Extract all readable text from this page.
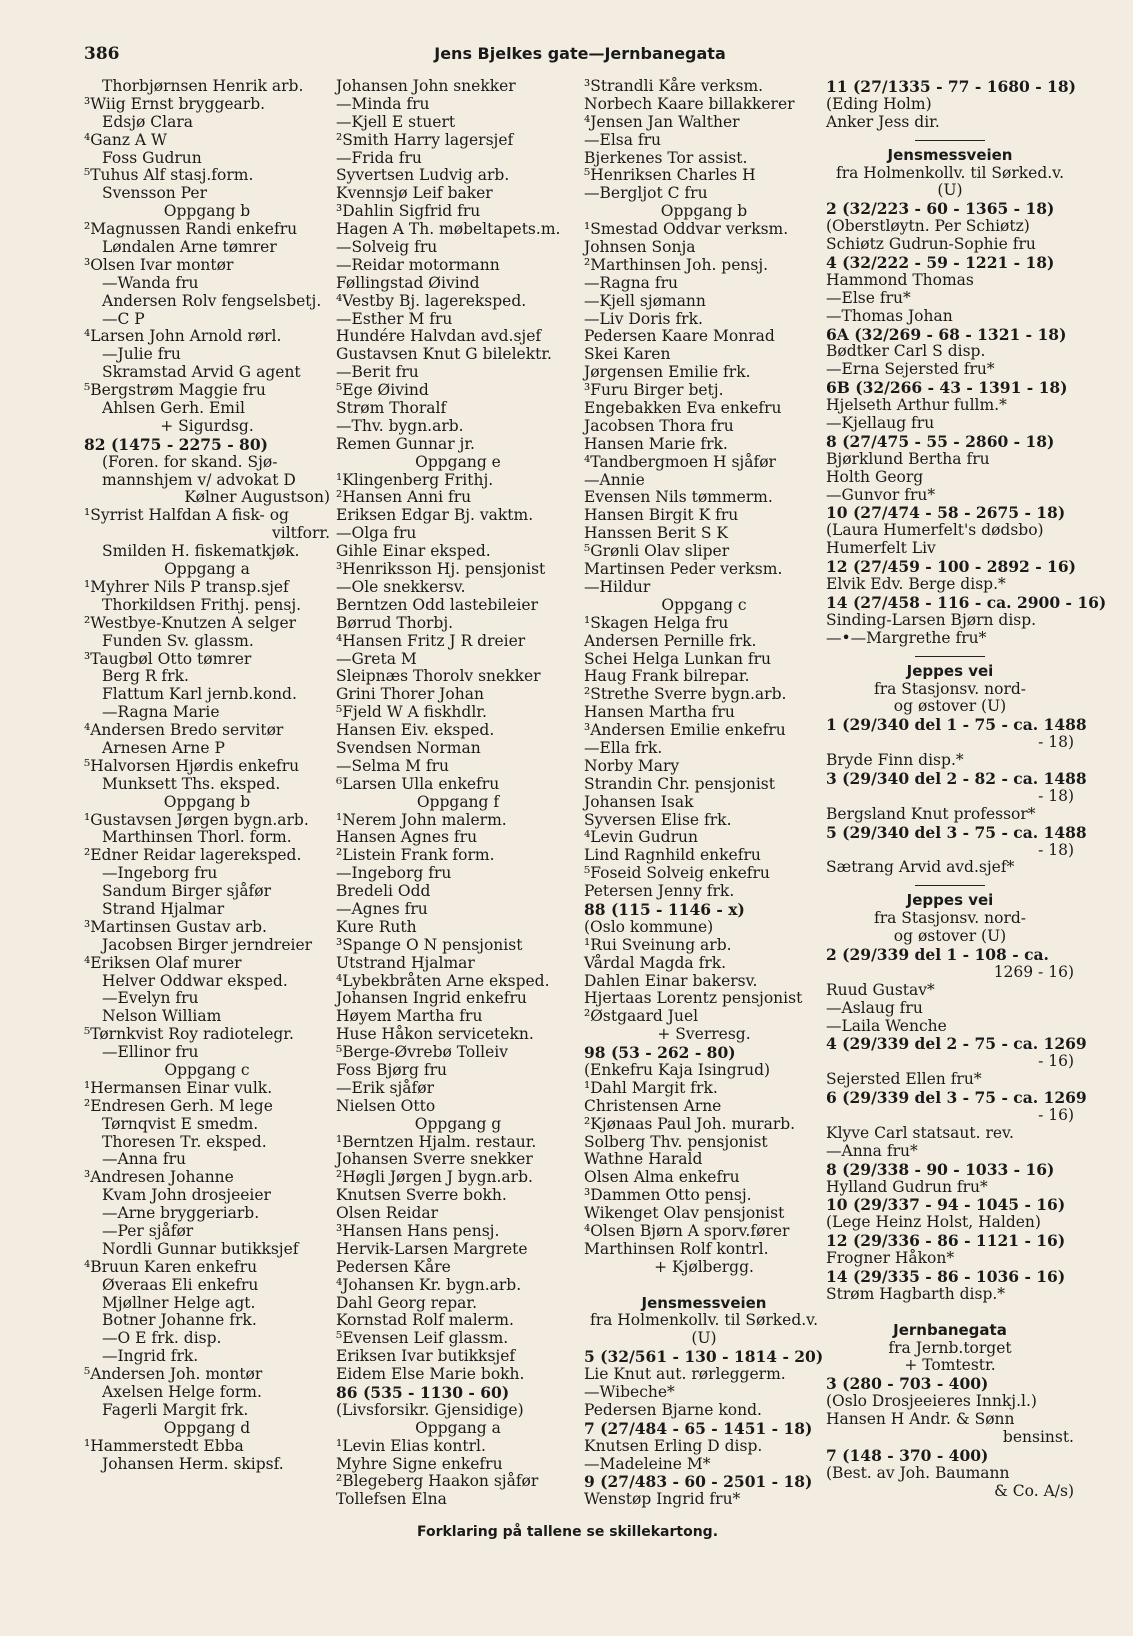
386	Jens Bjelkes gate—Jernbanegata
Thorbjørnsen Henrik arb.
³Wiig Ernst bryggearb.
Edsjø Clara
⁴Ganz A W
Foss Gudrun
⁵Tuhus Alf stasj.form.
Svensson Per
Oppgang b
²Magnussen Randi enkefru
Løndalen Arne tømrer
³Olsen Ivar montør
—Wanda fru
Andersen Rolv fengselsbetj.
—C P
⁴Larsen John Arnold rørl.
—Julie fru
Skramstad Arvid G agent
⁵Bergstrøm Maggie fru
Ahlsen Gerh. Emil
+ Sigurdsg.
82 (1475 - 2275 - 80)
(Foren. for skand. Sjø-
mannshjem v/ advokat D
Kølner Augustson)
¹Syrrist Halfdan A fisk- og
viltforr.
Smilden H. fiskematkjøk.
Oppgang a
¹Myhrer Nils P transp.sjef
Thorkildsen Frithj. pensj.
²Westbye-Knutzen A selger
Funden Sv. glassm.
³Taugbøl Otto tømrer
Berg R frk.
Flattum Karl jernb.kond.
—Ragna Marie
⁴Andersen Bredo servitør
Arnesen Arne P
⁵Halvorsen Hjørdis enkefru
Munksett Ths. eksped.
Oppgang b
¹Gustavsen Jørgen bygn.arb.
Marthinsen Thorl. form.
²Edner Reidar lagereksped.
—Ingeborg fru
Sandum Birger sjåfør
Strand Hjalmar
³Martinsen Gustav arb.
Jacobsen Birger jerndreier
⁴Eriksen Olaf murer
Helver Oddwar eksped.
—Evelyn fru
Nelson William
⁵Tørnkvist Roy radiotelegr.
—Ellinor fru
Oppgang c
¹Hermansen Einar vulk.
²Endresen Gerh. M lege
Tørnqvist E smedm.
Thoresen Tr. eksped.
—Anna fru
³Andresen Johanne
Kvam John drosjeeier
—Arne bryggeriarb.
—Per sjåfør
Nordli Gunnar butikksjef
⁴Bruun Karen enkefru
Øveraas Eli enkefru
Mjøllner Helge agt.
Botner Johanne frk.
—O E frk. disp.
—Ingrid frk.
⁵Andersen Joh. montør
Axelsen Helge form.
Fagerli Margit frk.
Oppgang d
¹Hammerstedt Ebba
Johansen Herm. skipsf.
Johansen John snekker
—Minda fru
—Kjell E stuert
²Smith Harry lagersjef
—Frida fru
Syvertsen Ludvig arb.
Kvennsjø Leif baker
³Dahlin Sigfrid fru
Hagen A Th. møbeltapets.m.
—Solveig fru
—Reidar motormann
Føllingstad Øivind
⁴Vestby Bj. lagereksped.
—Esther M fru
Hundére Halvdan avd.sjef
Gustavsen Knut G bilelektr.
—Berit fru
⁵Ege Øivind
Strøm Thoralf
—Thv. bygn.arb.
Remen Gunnar jr.
Oppgang e
¹Klingenberg Frithj.
²Hansen Anni fru
Eriksen Edgar Bj. vaktm.
—Olga fru
Gihle Einar eksped.
³Henriksson Hj. pensjonist
—Ole snekkersv.
Berntzen Odd lastebileier
Børrud Thorbj.
⁴Hansen Fritz J R dreier
—Greta M
Sleipnæs Thorolv snekker
Grini Thorer Johan
⁵Fjeld W A fiskhdlr.
Hansen Eiv. eksped.
Svendsen Norman
—Selma M fru
⁶Larsen Ulla enkefru
Oppgang f
¹Nerem John malerm.
Hansen Agnes fru
²Listein Frank form.
—Ingeborg fru
Bredeli Odd
—Agnes fru
Kure Ruth
³Spange O N pensjonist
Utstrand Hjalmar
⁴Lybekbråten Arne eksped.
Johansen Ingrid enkefru
Høyem Martha fru
Huse Håkon servicetekn.
⁵Berge-Øvrebø Tolleiv
Foss Bjørg fru
—Erik sjåfør
Nielsen Otto
Oppgang g
¹Berntzen Hjalm. restaur.
Johansen Sverre snekker
²Høgli Jørgen J bygn.arb.
Knutsen Sverre bokh.
Olsen Reidar
³Hansen Hans pensj.
Hervik-Larsen Margrete
Pedersen Kåre
⁴Johansen Kr. bygn.arb.
Dahl Georg repar.
Kornstad Rolf malerm.
⁵Evensen Leif glassm.
Eriksen Ivar butikksjef
Eidem Else Marie bokh.
86 (535 - 1130 - 60)
(Livsforsikr. Gjensidige)
Oppgang a
¹Levin Elias kontrl.
Myhre Signe enkefru
²Blegeberg Haakon sjåfør
Tollefsen Elna
³Strandli Kåre verksm.
Norbech Kaare billakkerer
⁴Jensen Jan Walther
—Elsa fru
Bjerkenes Tor assist.
⁵Henriksen Charles H
—Bergljot C fru
Oppgang b
¹Smestad Oddvar verksm.
Johnsen Sonja
²Marthinsen Joh. pensj.
—Ragna fru
—Kjell sjømann
—Liv Doris frk.
Pedersen Kaare Monrad
Skei Karen
Jørgensen Emilie frk.
³Furu Birger betj.
Engebakken Eva enkefru
Jacobsen Thora fru
Hansen Marie frk.
⁴Tandbergmoen H sjåfør
—Annie
Evensen Nils tømmerm.
Hansen Birgit K fru
Hanssen Berit S K
⁵Grønli Olav sliper
Martinsen Peder verksm.
—Hildur
Oppgang c
¹Skagen Helga fru
Andersen Pernille frk.
Schei Helga Lunkan fru
Haug Frank bilrepar.
²Strethe Sverre bygn.arb.
Hansen Martha fru
³Andersen Emilie enkefru
—Ella frk.
Norby Mary
Strandin Chr. pensjonist
Johansen Isak
Syversen Elise frk.
⁴Levin Gudrun
Lind Ragnhild enkefru
⁵Foseid Solveig enkefru
Petersen Jenny frk.
88 (115 - 1146 - x)
(Oslo kommune)
¹Rui Sveinung arb.
Vårdal Magda frk.
Dahlen Einar bakersv.
Hjertaas Lorentz pensjonist
²Østgaard Juel
+ Sverresg.
98 (53 - 262 - 80)
(Enkefru Kaja Isingrud)
¹Dahl Margit frk.
Christensen Arne
²Kjønaas Paul Joh. murarb.
Solberg Thv. pensjonist
Wathne Harald
Olsen Alma enkefru
³Dammen Otto pensj.
Wikenget Olav pensjonist
⁴Olsen Bjørn A sporv.fører
Marthinsen Rolf kontrl.
+ Kjølbergg.
Jensmessveien
fra Holmenkollv. til Sørked.v.
(U)
5 (32/561 - 130 - 1814 - 20)
Lie Knut aut. rørleggerm.
—Wibeche*
Pedersen Bjarne kond.
7 (27/484 - 65 - 1451 - 18)
Knutsen Erling D disp.
—Madeleine M*
9 (27/483 - 60 - 2501 - 18)
Wenstøp Ingrid fru*
11 (27/1335 - 77 - 1680 - 18)
(Eding Holm)
Anker Jess dir.
Jensmessveien
fra Holmenkollv. til Sørked.v.
(U)
2 (32/223 - 60 - 1365 - 18)
(Oberstløytn. Per Schiøtz)
Schiøtz Gudrun-Sophie fru
4 (32/222 - 59 - 1221 - 18)
Hammond Thomas
—Else fru*
—Thomas Johan
6A (32/269 - 68 - 1321 - 18)
Bødtker Carl S disp.
—Erna Sejersted fru*
6B (32/266 - 43 - 1391 - 18)
Hjelseth Arthur fullm.*
—Kjellaug fru
8 (27/475 - 55 - 2860 - 18)
Bjørklund Bertha fru
Holth Georg
—Gunvor fru*
10 (27/474 - 58 - 2675 - 18)
(Laura Humerfelt's dødsbo)
Humerfelt Liv
12 (27/459 - 100 - 2892 - 16)
Elvik Edv. Berge disp.*
14 (27/458 - 116 - ca. 2900 - 16)
Sinding-Larsen Bjørn disp.
—•—Margrethe fru*
Jeppes vei
fra Stasjonsv. nord-
og østover (U)
1 (29/340 del 1 - 75 - ca. 1488
- 18)
Bryde Finn disp.*
3 (29/340 del 2 - 82 - ca. 1488
- 18)
Bergsland Knut professor*
5 (29/340 del 3 - 75 - ca. 1488
- 18)
Sætrang Arvid avd.sjef*
Jeppes vei
fra Stasjonsv. nord-
og østover (U)
2 (29/339 del 1 - 108 - ca.
1269 - 16)
Ruud Gustav*
—Aslaug fru
—Laila Wenche
4 (29/339 del 2 - 75 - ca. 1269
- 16)
Sejersted Ellen fru*
6 (29/339 del 3 - 75 - ca. 1269
- 16)
Klyve Carl statsaut. rev.
—Anna fru*
8 (29/338 - 90 - 1033 - 16)
Hylland Gudrun fru*
10 (29/337 - 94 - 1045 - 16)
(Lege Heinz Holst, Halden)
12 (29/336 - 86 - 1121 - 16)
Frogner Håkon*
14 (29/335 - 86 - 1036 - 16)
Strøm Hagbarth disp.*
Jernbanegata
fra Jernb.torget
+ Tomtestr.
3 (280 - 703 - 400)
(Oslo Drosjeeieres Innkj.l.)
Hansen H Andr. & Sønn
bensinst.
7 (148 - 370 - 400)
(Best. av Joh. Baumann
& Co. A/s)
Forklaring på tallene se skillekartong.
